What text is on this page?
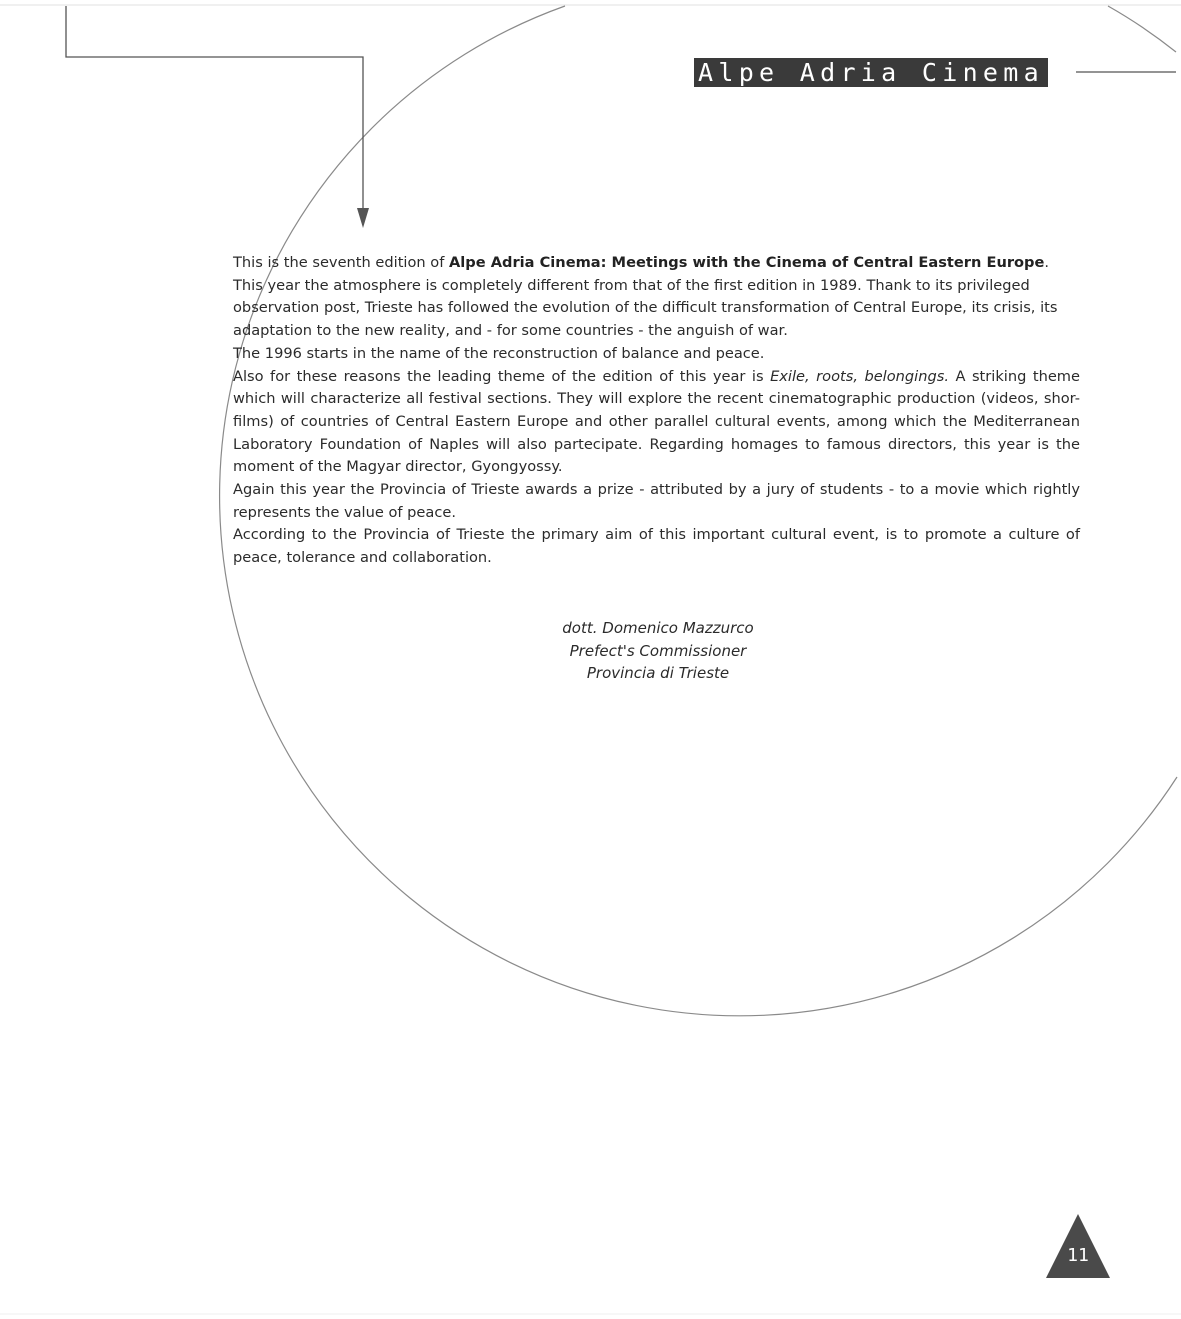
Alpe Adria Cinema

This is the seventh edition of Alpe Adria Cinema: Meetings with the Cinema of Central Eastern Europe. This year the atmosphere is completely different from that of the first edition in 1989. Thank to its privileged observation post, Trieste has followed the evolution of the difficult transformation of Central Europe, its crisis, its adaptation to the new reality, and - for some countries - the anguish of war.

The 1996 starts in the name of the reconstruction of balance and peace.

Also for these reasons the leading theme of the edition of this year is Exile, roots, belongings. A striking theme which will characterize all festival sections. They will explore the recent cinematographic production (videos, shor-films) of countries of Central Eastern Europe and other parallel cultural events, among which the Mediterranean Laboratory Foundation of Naples will also partecipate. Regarding homages to famous directors, this year is the moment of the Magyar director, Gyongyossy.

Again this year the Provincia of Trieste awards a prize - attributed by a jury of students - to a movie which rightly represents the value of peace.

According to the Provincia of Trieste the primary aim of this important cultural event, is to promote a culture of peace, tolerance and collaboration.

dott. Domenico Mazzurco
Prefect's Commissioner
Provincia di Trieste
11
